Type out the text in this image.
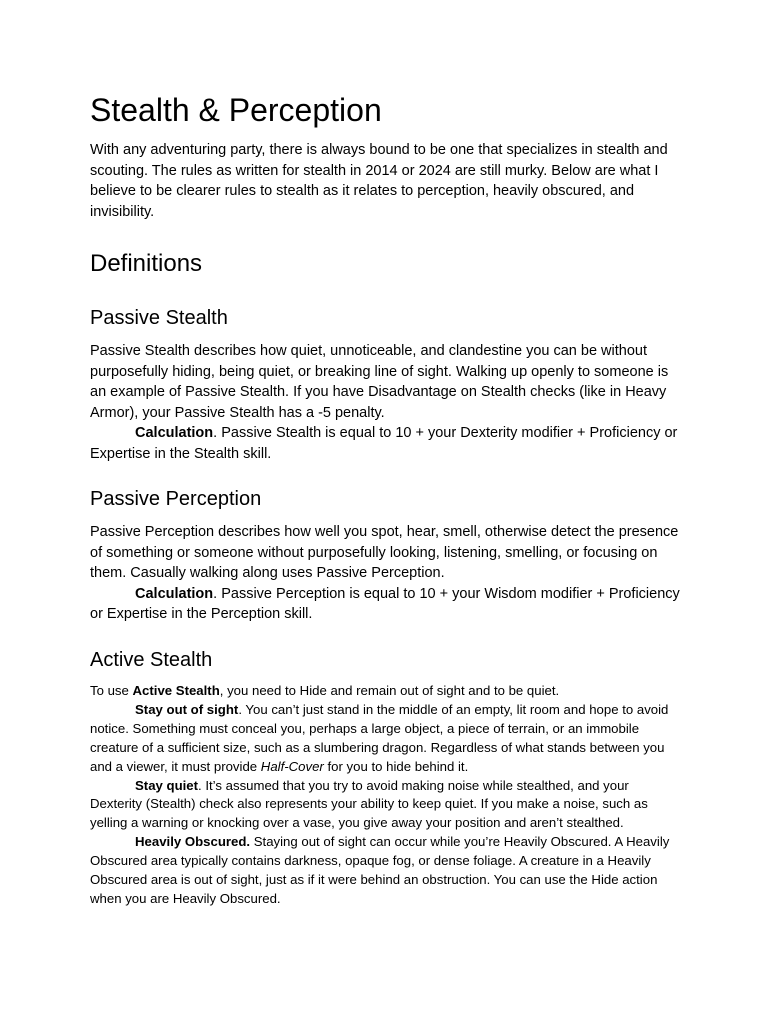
Stealth & Perception

With any adventuring party, there is always bound to be one that specializes in stealth and scouting. The rules as written for stealth in 2014 or 2024 are still murky. Below are what I believe to be clearer rules to stealth as it relates to perception, heavily obscured, and invisibility.

Definitions
Passive Stealth

Passive Stealth describes how quiet, unnoticeable, and clandestine you can be without purposefully hiding, being quiet, or breaking line of sight. Walking up openly to someone is an example of Passive Stealth. If you have Disadvantage on Stealth checks (like in Heavy Armor), your Passive Stealth has a -5 penalty.

Calculation. Passive Stealth is equal to 10 + your Dexterity modifier + Proficiency or Expertise in the Stealth skill.

Passive Perception

Passive Perception describes how well you spot, hear, smell, otherwise detect the presence of something or someone without purposefully looking, listening, smelling, or focusing on them. Casually walking along uses Passive Perception.

Calculation. Passive Perception is equal to 10 + your Wisdom modifier + Proficiency or Expertise in the Perception skill.

Active Stealth

To use Active Stealth, you need to Hide and remain out of sight and to be quiet.

Stay out of sight. You can’t just stand in the middle of an empty, lit room and hope to avoid notice. Something must conceal you, perhaps a large object, a piece of terrain, or an immobile creature of a sufficient size, such as a slumbering dragon. Regardless of what stands between you and a viewer, it must provide Half-Cover for you to hide behind it.

Stay quiet. It’s assumed that you try to avoid making noise while stealthed, and your Dexterity (Stealth) check also represents your ability to keep quiet. If you make a noise, such as yelling a warning or knocking over a vase, you give away your position and aren’t stealthed.

Heavily Obscured. Staying out of sight can occur while you’re Heavily Obscured. A Heavily Obscured area typically contains darkness, opaque fog, or dense foliage. A creature in a Heavily Obscured area is out of sight, just as if it were behind an obstruction. You can use the Hide action when you are Heavily Obscured.
